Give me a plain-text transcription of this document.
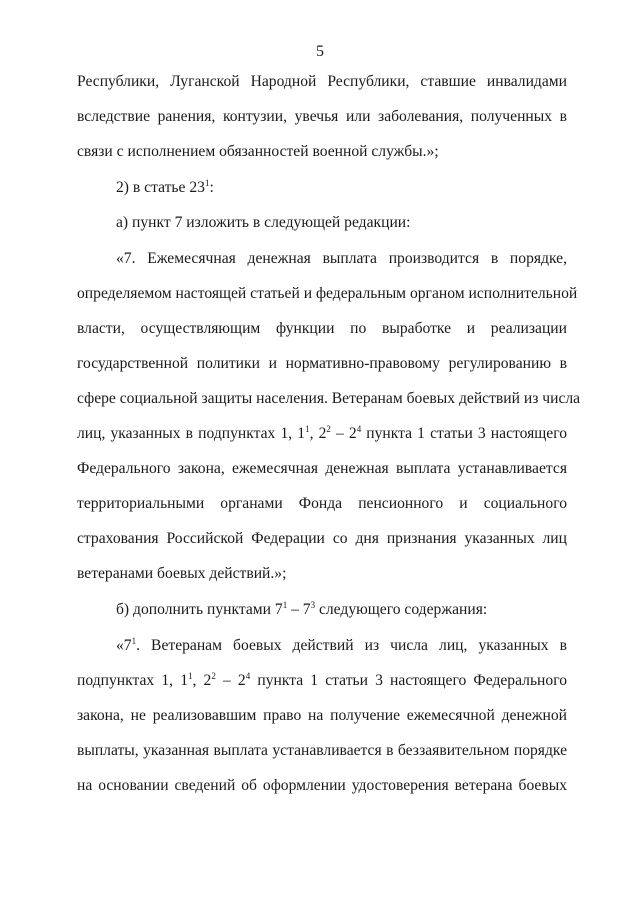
5
Республики, Луганской Народной Республики, ставшие инвалидами
вследствие ранения, контузии, увечья или заболевания, полученных в
связи с исполнением обязанностей военной службы.»;
2) в статье $23^1$:
а) пункт 7 изложить в следующей редакции:
«7. Ежемесячная денежная выплата производится в порядке,
определяемом настоящей статьей и федеральным органом исполнительной
власти, осуществляющим функции по выработке и реализации
государственной политики и нормативно-правовому регулированию в
сфере социальной защиты населения. Ветеранам боевых действий из числа
лиц, указанных в подпунктах 1, $1^1$, $2^2 - 2^4$ пункта 1 статьи 3 настоящего
Федерального закона, ежемесячная денежная выплата устанавливается
территориальными органами Фонда пенсионного и социального
страхования Российской Федерации со дня признания указанных лиц
ветеранами боевых действий.»;
б) дополнить пунктами $7^1 - 7^3$ следующего содержания:
«$7^1$. Ветеранам боевых действий из числа лиц, указанных в
подпунктах 1, $1^1$, $2^2 - 2^4$ пункта 1 статьи 3 настоящего Федерального
закона, не реализовавшим право на получение ежемесячной денежной
выплаты, указанная выплата устанавливается в беззаявительном порядке
на основании сведений об оформлении удостоверения ветерана боевых
